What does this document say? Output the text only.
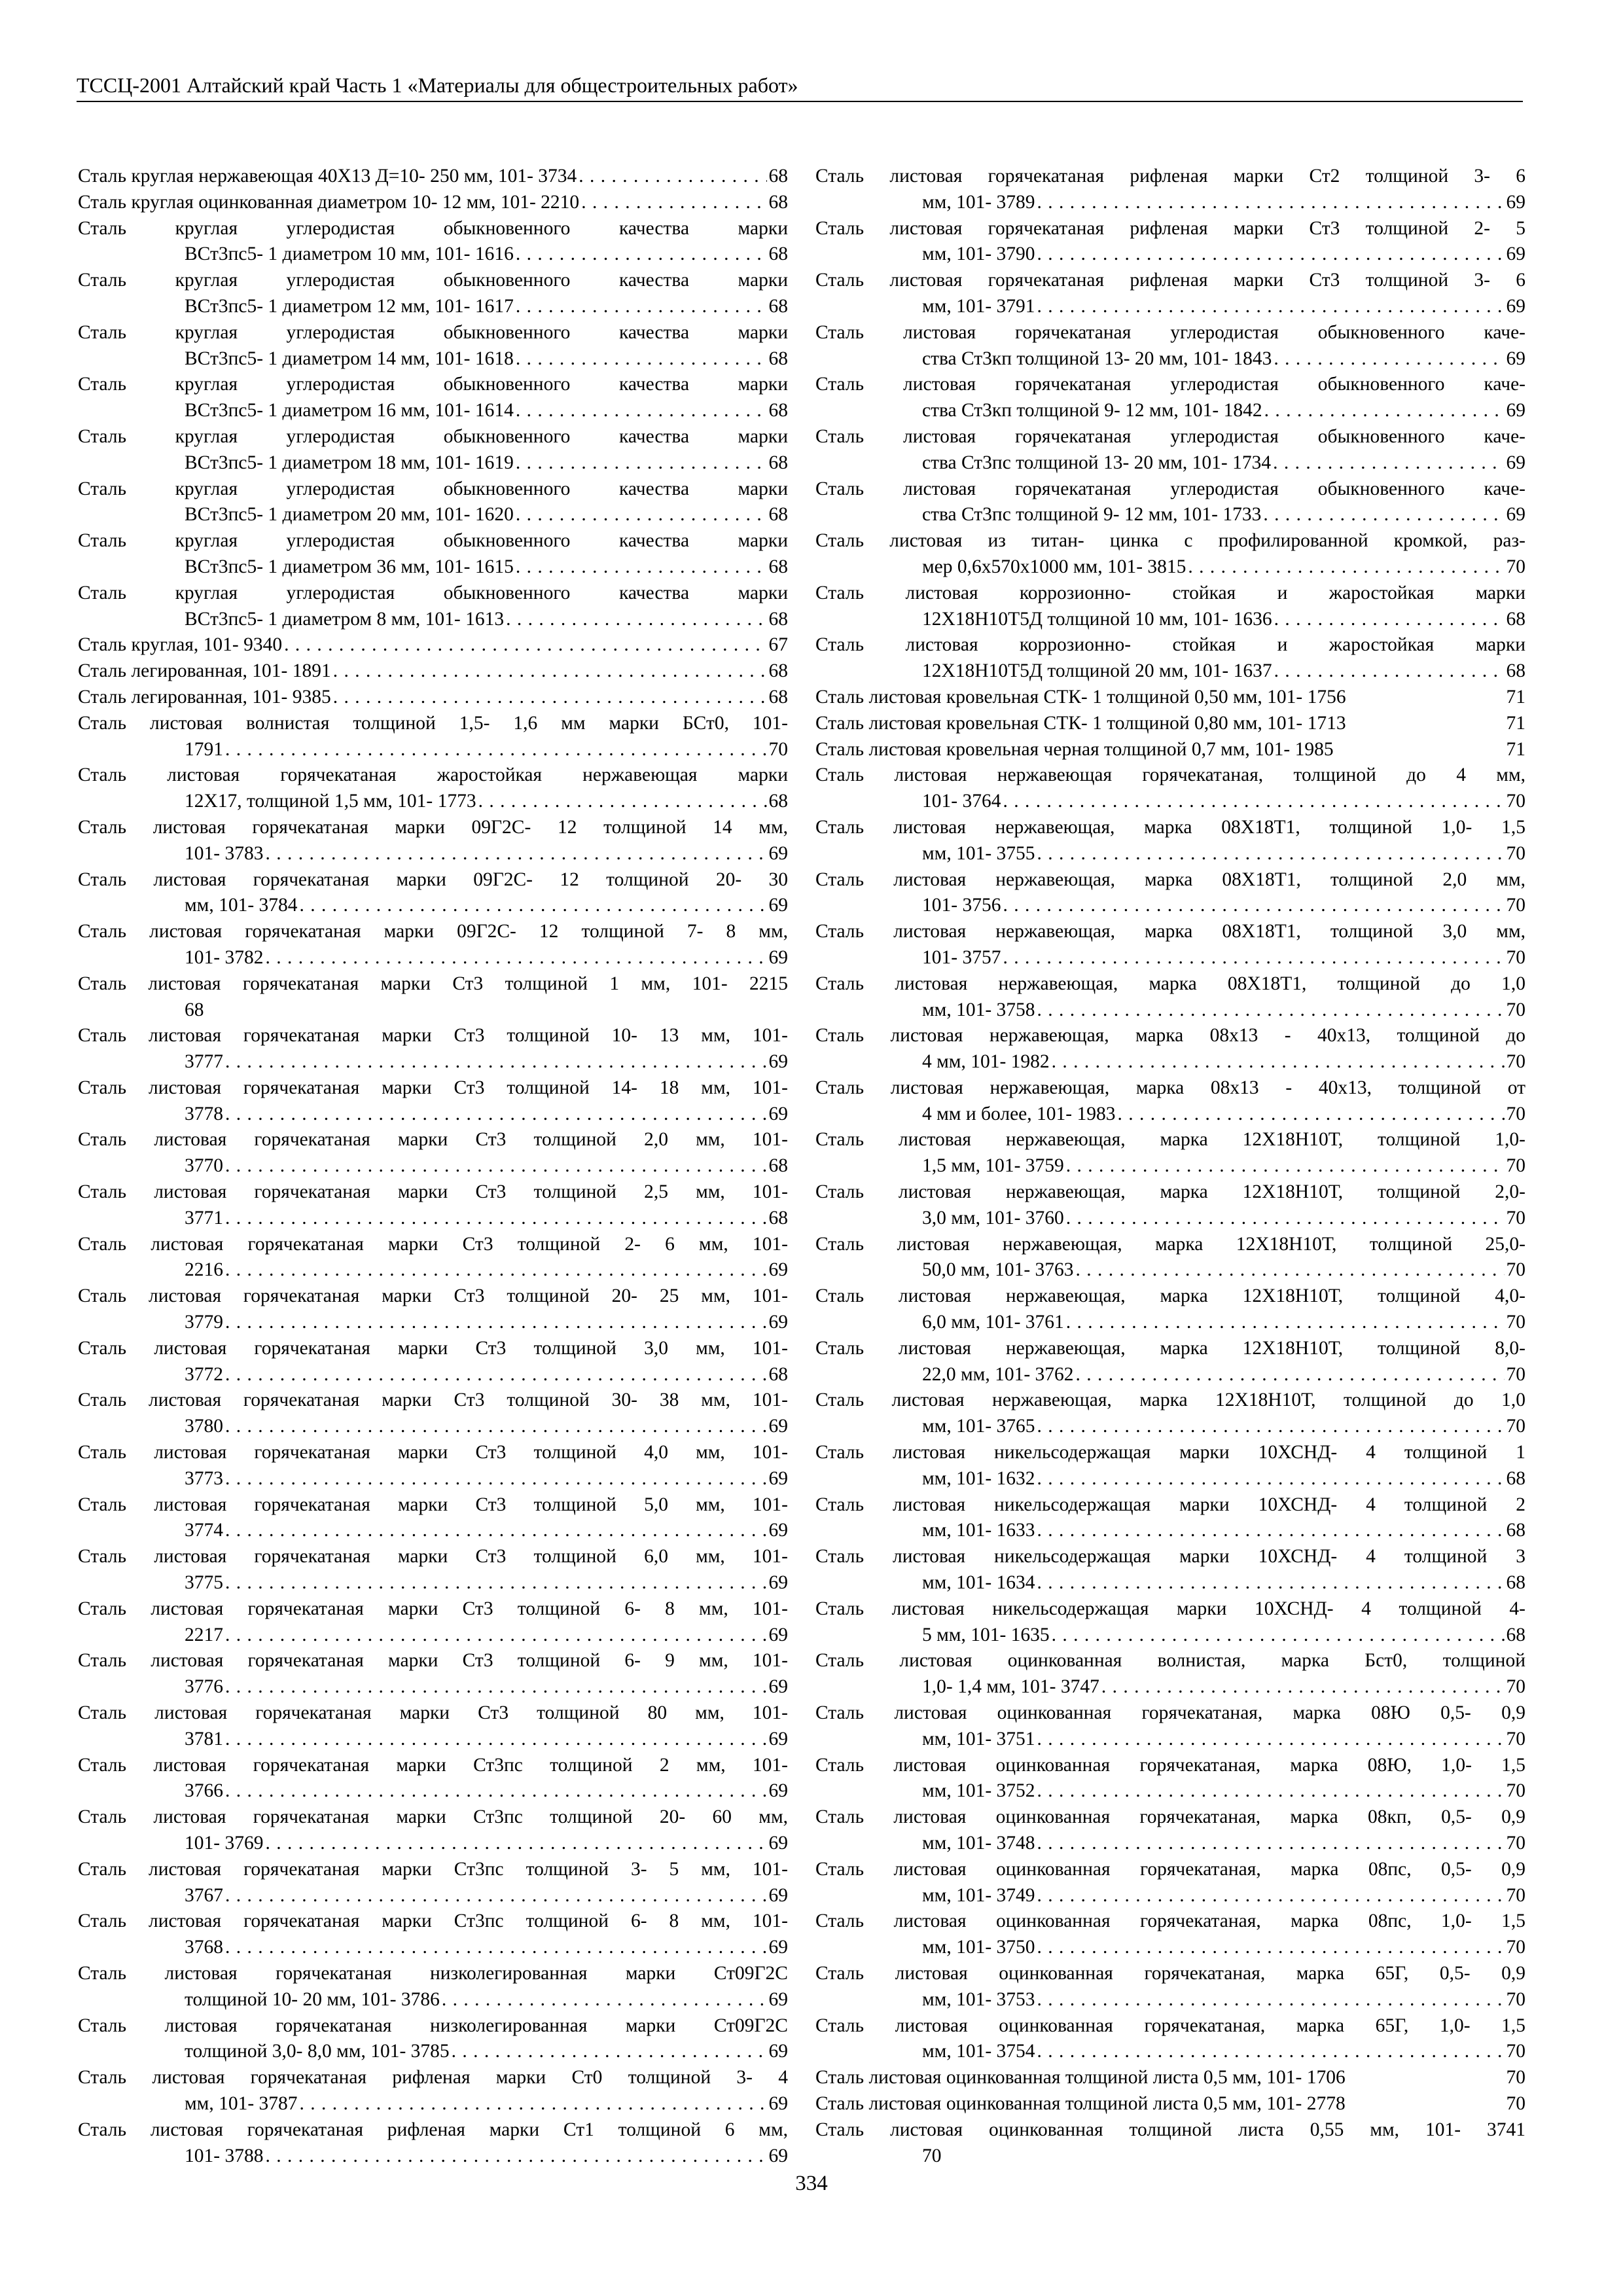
ТССЦ-2001 Алтайский край Часть 1 «Материалы для общестроительных работ»
Сталь круглая нержавеющая 40Х13 Д=10- 250 мм, 101- 3734 . . .	68
Сталь круглая оцинкованная диаметром 10- 12 мм, 101- 2210 . . .	68
Сталь круглая углеродистая обыкновенного качества марки
ВСт3пс5- 1 диаметром 10 мм, 101- 1616 . . .	68
Сталь круглая углеродистая обыкновенного качества марки
ВСт3пс5- 1 диаметром 12 мм, 101- 1617 . . .	68
Сталь круглая углеродистая обыкновенного качества марки
ВСт3пс5- 1 диаметром 14 мм, 101- 1618 . . .	68
Сталь круглая углеродистая обыкновенного качества марки
ВСт3пс5- 1 диаметром 16 мм, 101- 1614 . . .	68
Сталь круглая углеродистая обыкновенного качества марки
ВСт3пс5- 1 диаметром 18 мм, 101- 1619 . . .	68
Сталь круглая углеродистая обыкновенного качества марки
ВСт3пс5- 1 диаметром 20 мм, 101- 1620 . . .	68
Сталь круглая углеродистая обыкновенного качества марки
ВСт3пс5- 1 диаметром 36 мм, 101- 1615 . . .	68
Сталь круглая углеродистая обыкновенного качества марки
ВСт3пс5- 1 диаметром 8 мм, 101- 1613 . . .	68
Сталь круглая, 101- 9340 . . .	67
Сталь легированная, 101- 1891 . . .	68
Сталь легированная, 101- 9385 . . .	68
Сталь листовая волнистая толщиной 1,5- 1,6 мм марки БСт0, 101-
1791 . . .	70
Сталь листовая горячекатаная жаростойкая нержавеющая марки
12Х17, толщиной 1,5 мм, 101- 1773 . . .	68
Сталь листовая горячекатаная марки 09Г2С- 12 толщиной 14 мм,
101- 3783 . . .	69
Сталь листовая горячекатаная марки 09Г2С- 12 толщиной 20- 30
мм, 101- 3784 . . .	69
Сталь листовая горячекатаная марки 09Г2С- 12 толщиной 7- 8 мм,
101- 3782 . . .	69
Сталь листовая горячекатаная марки Ст3 толщиной 1 мм, 101- 2215
68
Сталь листовая горячекатаная марки Ст3 толщиной 10- 13 мм, 101-
3777 . . .	69
Сталь листовая горячекатаная марки Ст3 толщиной 14- 18 мм, 101-
3778 . . .	69
Сталь листовая горячекатаная марки Ст3 толщиной 2,0 мм, 101-
3770 . . .	68
Сталь листовая горячекатаная марки Ст3 толщиной 2,5 мм, 101-
3771 . . .	68
Сталь листовая горячекатаная марки Ст3 толщиной 2- 6 мм, 101-
2216 . . .	69
Сталь листовая горячекатаная марки Ст3 толщиной 20- 25 мм, 101-
3779 . . .	69
Сталь листовая горячекатаная марки Ст3 толщиной 3,0 мм, 101-
3772 . . .	68
Сталь листовая горячекатаная марки Ст3 толщиной 30- 38 мм, 101-
3780 . . .	69
Сталь листовая горячекатаная марки Ст3 толщиной 4,0 мм, 101-
3773 . . .	69
Сталь листовая горячекатаная марки Ст3 толщиной 5,0 мм, 101-
3774 . . .	69
Сталь листовая горячекатаная марки Ст3 толщиной 6,0 мм, 101-
3775 . . .	69
Сталь листовая горячекатаная марки Ст3 толщиной 6- 8 мм, 101-
2217 . . .	69
Сталь листовая горячекатаная марки Ст3 толщиной 6- 9 мм, 101-
3776 . . .	69
Сталь листовая горячекатаная марки Ст3 толщиной 80 мм, 101-
3781 . . .	69
Сталь листовая горячекатаная марки Ст3пс толщиной 2 мм, 101-
3766 . . .	69
Сталь листовая горячекатаная марки Ст3пс толщиной 20- 60 мм,
101- 3769 . . .	69
Сталь листовая горячекатаная марки Ст3пс толщиной 3- 5 мм, 101-
3767 . . .	69
Сталь листовая горячекатаная марки Ст3пс толщиной 6- 8 мм, 101-
3768 . . .	69
Сталь листовая горячекатаная низколегированная марки Ст09Г2С
толщиной 10- 20 мм, 101- 3786 . . .	69
Сталь листовая горячекатаная низколегированная марки Ст09Г2С
толщиной 3,0- 8,0 мм, 101- 3785 . . .	69
Сталь листовая горячекатаная рифленая марки Ст0 толщиной 3- 4
мм, 101- 3787 . . .	69
Сталь листовая горячекатаная рифленая марки Ст1 толщиной 6 мм,
101- 3788 . . .	69
Сталь листовая горячекатаная рифленая марки Ст2 толщиной 3- 6
мм, 101- 3789 . . .	69
Сталь листовая горячекатаная рифленая марки Ст3 толщиной 2- 5
мм, 101- 3790 . . .	69
Сталь листовая горячекатаная рифленая марки Ст3 толщиной 3- 6
мм, 101- 3791 . . .	69
Сталь листовая горячекатаная углеродистая обыкновенного каче-
ства Ст3кп толщиной 13- 20 мм, 101- 1843 . . .	69
Сталь листовая горячекатаная углеродистая обыкновенного каче-
ства Ст3кп толщиной 9- 12 мм, 101- 1842 . . .	69
Сталь листовая горячекатаная углеродистая обыкновенного каче-
ства Ст3пс толщиной 13- 20 мм, 101- 1734 . . .	69
Сталь листовая горячекатаная углеродистая обыкновенного каче-
ства Ст3пс толщиной 9- 12 мм, 101- 1733 . . .	69
Сталь листовая из титан- цинка с профилированной кромкой, раз-
мер 0,6х570х1000 мм, 101- 3815 . . .	70
Сталь листовая коррозионно- стойкая и жаростойкая марки
12Х18Н10Т5Д толщиной 10 мм, 101- 1636 . . .	68
Сталь листовая коррозионно- стойкая и жаростойкая марки
12Х18Н10Т5Д толщиной 20 мм, 101- 1637 . . .	68
Сталь листовая кровельная СТК- 1 толщиной 0,50 мм, 101- 1756	71
Сталь листовая кровельная СТК- 1 толщиной 0,80 мм, 101- 1713	71
Сталь листовая кровельная черная толщиной 0,7 мм, 101- 1985	71
Сталь листовая нержавеющая горячекатаная, толщиной до 4 мм,
101- 3764 . . .	70
Сталь листовая нержавеющая, марка 08Х18Т1, толщиной 1,0- 1,5
мм, 101- 3755 . . .	70
Сталь листовая нержавеющая, марка 08Х18Т1, толщиной 2,0 мм,
101- 3756 . . .	70
Сталь листовая нержавеющая, марка 08Х18Т1, толщиной 3,0 мм,
101- 3757 . . .	70
Сталь листовая нержавеющая, марка 08Х18Т1, толщиной до 1,0
мм, 101- 3758 . . .	70
Сталь листовая нержавеющая, марка 08х13 - 40х13, толщиной до
4 мм, 101- 1982 . . .	70
Сталь листовая нержавеющая, марка 08х13 - 40х13, толщиной от
4 мм и более, 101- 1983 . . .	70
Сталь листовая нержавеющая, марка 12Х18Н10Т, толщиной 1,0-
1,5 мм, 101- 3759 . . .	70
Сталь листовая нержавеющая, марка 12Х18Н10Т, толщиной 2,0-
3,0 мм, 101- 3760 . . .	70
Сталь листовая нержавеющая, марка 12Х18Н10Т, толщиной 25,0-
50,0 мм, 101- 3763 . . .	70
Сталь листовая нержавеющая, марка 12Х18Н10Т, толщиной 4,0-
6,0 мм, 101- 3761 . . .	70
Сталь листовая нержавеющая, марка 12Х18Н10Т, толщиной 8,0-
22,0 мм, 101- 3762 . . .	70
Сталь листовая нержавеющая, марка 12Х18Н10Т, толщиной до 1,0
мм, 101- 3765 . . .	70
Сталь листовая никельсодержащая марки 10ХСНД- 4 толщиной 1
мм, 101- 1632 . . .	68
Сталь листовая никельсодержащая марки 10ХСНД- 4 толщиной 2
мм, 101- 1633 . . .	68
Сталь листовая никельсодержащая марки 10ХСНД- 4 толщиной 3
мм, 101- 1634 . . .	68
Сталь листовая никельсодержащая марки 10ХСНД- 4 толщиной 4-
5 мм, 101- 1635 . . .	68
Сталь листовая оцинкованная волнистая, марка Бст0, толщиной
1,0- 1,4 мм, 101- 3747 . . .	70
Сталь листовая оцинкованная горячекатаная, марка 08Ю 0,5- 0,9
мм, 101- 3751 . . .	70
Сталь листовая оцинкованная горячекатаная, марка 08Ю, 1,0- 1,5
мм, 101- 3752 . . .	70
Сталь листовая оцинкованная горячекатаная, марка 08кп, 0,5- 0,9
мм, 101- 3748 . . .	70
Сталь листовая оцинкованная горячекатаная, марка 08пс, 0,5- 0,9
мм, 101- 3749 . . .	70
Сталь листовая оцинкованная горячекатаная, марка 08пс, 1,0- 1,5
мм, 101- 3750 . . .	70
Сталь листовая оцинкованная горячекатаная, марка 65Г, 0,5- 0,9
мм, 101- 3753 . . .	70
Сталь листовая оцинкованная горячекатаная, марка 65Г, 1,0- 1,5
мм, 101- 3754 . . .	70
Сталь листовая оцинкованная толщиной листа 0,5 мм, 101- 1706	70
Сталь листовая оцинкованная толщиной листа 0,5 мм, 101- 2778	70
Сталь листовая оцинкованная толщиной листа 0,55 мм, 101- 3741
70
334
